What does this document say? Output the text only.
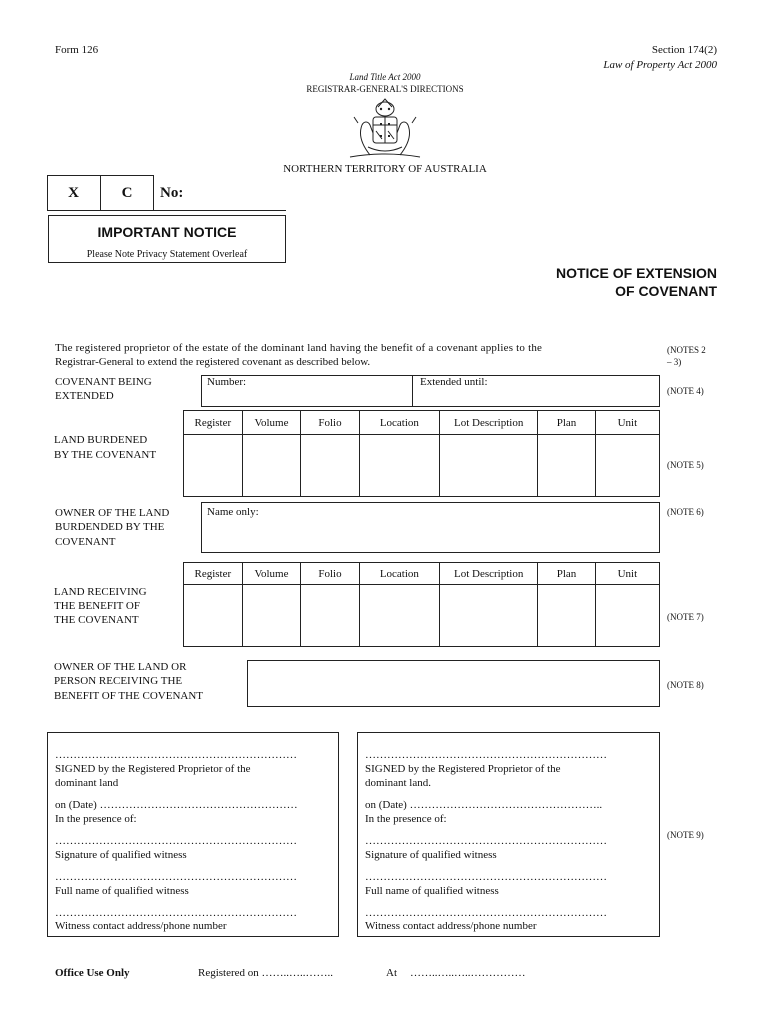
Form 126	Section 174(2)
Law of Property Act 2000
Land Title Act 2000
REGISTRAR-GENERAL'S DIRECTIONS
NORTHERN TERRITORY OF AUSTRALIA
X	C	No:
IMPORTANT NOTICE
Please Note Privacy Statement Overleaf
NOTICE OF EXTENSION
OF COVENANT
The registered proprietor of the estate of the dominant land having the benefit of a covenant applies to the
Registrar-General to extend the registered covenant as described below.
(NOTES 2
– 3)
COVENANT BEING
EXTENDED
Number:	Extended until:
(NOTE 4)
Register	Volume	Folio	Location	Lot Description	Plan	Unit

LAND BURDENED
BY THE COVENANT
(NOTE 5)
OWNER OF THE LAND
BURDENDED BY THE
COVENANT
Name only:	(NOTE 6)
Register	Volume	Folio	Location	Lot Description	Plan	Unit

LAND RECEIVING
THE BENEFIT OF
THE COVENANT	(NOTE 7)
OWNER OF THE LAND OR
PERSON RECEIVING THE
BENEFIT OF THE COVENANT
(NOTE 8)
…………………………………………………………
SIGNED by the Registered Proprietor of the
dominant land
on (Date) ………………………………………………
In the presence of:
…………………………………………………………
Signature of qualified witness
…………………………………………………………
Full name of qualified witness
…………………………………………………………
Witness contact address/phone number
…………………………………………………………
SIGNED by the Registered Proprietor of the
dominant land.
on (Date) ……………………………………………..
In the presence of:
…………………………………………………………
Signature of qualified witness
…………………………………………………………
Full name of qualified witness
…………………………………………………………
Witness contact address/phone number
(NOTE 9)
Office Use Only	Registered on ……..…..……..	At ……..…..…..……………
